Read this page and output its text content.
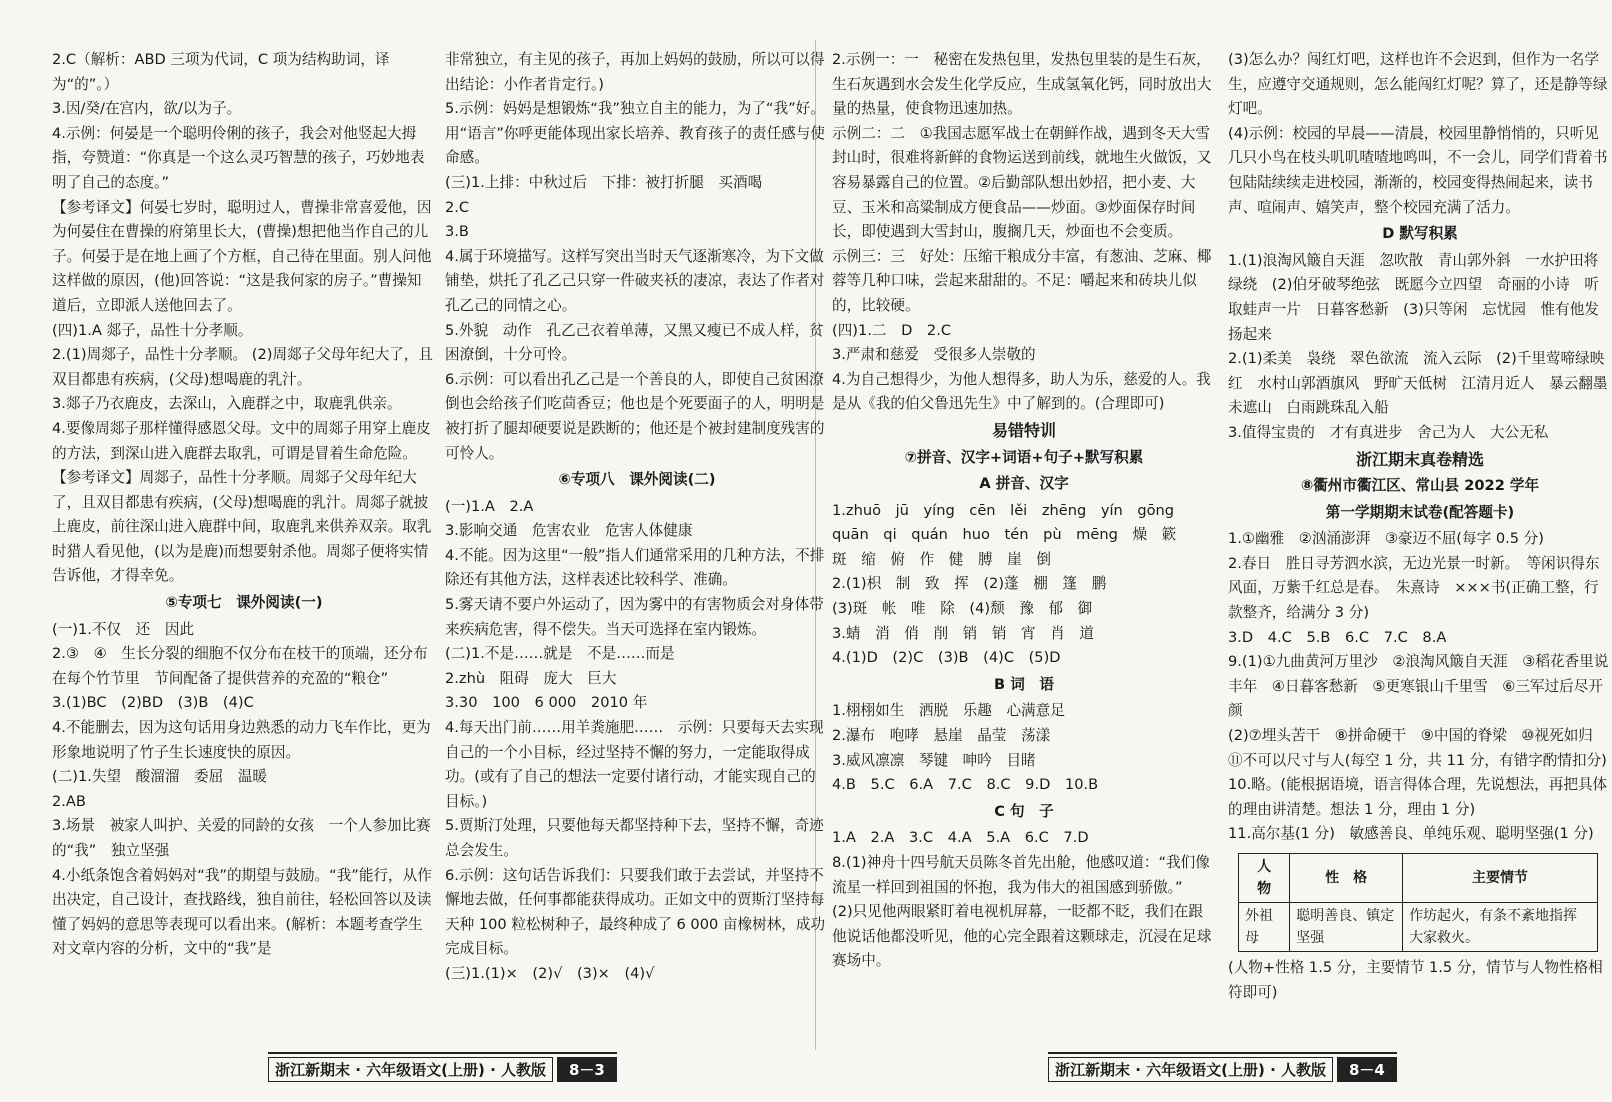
2.C（解析：ABD 三项为代词，C 项为结构助词，译为“的”。）

3.因/癸/在宫内，欲/以为子。

4.示例：何晏是一个聪明伶俐的孩子，我会对他竖起大拇指，夸赞道：“你真是一个这么灵巧智慧的孩子，巧妙地表明了自己的态度。”

【参考译文】何晏七岁时，聪明过人，曹操非常喜爱他，因为何晏住在曹操的府第里长大，(曹操)想把他当作自己的儿子。何晏于是在地上画了个方框，自己待在里面。别人问他这样做的原因，(他)回答说：“这是我何家的房子。”曹操知道后，立即派人送他回去了。

(四)1.A 郯子，品性十分孝顺。

2.(1)周郯子，品性十分孝顺。 (2)周郯子父母年纪大了，且双目都患有疾病，(父母)想喝鹿的乳汁。

3.郯子乃衣鹿皮，去深山，入鹿群之中，取鹿乳供亲。

4.要像周郯子那样懂得感恩父母。文中的周郯子用穿上鹿皮的方法，到深山进入鹿群去取乳，可谓是冒着生命危险。

【参考译文】周郯子，品性十分孝顺。周郯子父母年纪大了，且双目都患有疾病，(父母)想喝鹿的乳汁。周郯子就披上鹿皮，前往深山进入鹿群中间，取鹿乳来供养双亲。取乳时猎人看见他，(以为是鹿)而想要射杀他。周郯子便将实情告诉他，才得幸免。

⑤专项七　课外阅读(一)

(一)1.不仅　还　因此

2.③　④　生长分裂的细胞不仅分布在枝干的顶端，还分布在每个竹节里　节间配备了提供营养的充盈的“粮仓”

3.(1)BC　(2)BD　(3)B　(4)C

4.不能删去，因为这句话用身边熟悉的动力飞车作比，更为形象地说明了竹子生长速度快的原因。

(二)1.失望　酸溜溜　委屈　温暖

2.AB

3.场景　被家人叫护、关爱的同龄的女孩　一个人参加比赛的“我”　独立坚强

4.小纸条饱含着妈妈对“我”的期望与鼓励。“我”能行，从作出决定，自己设计，查找路线，独自前往，轻松回答以及读懂了妈妈的意思等表现可以看出来。(解析：本题考查学生对文章内容的分析，文中的“我”是

非常独立，有主见的孩子，再加上妈妈的鼓励，所以可以得出结论：小作者肯定行。)

5.示例：妈妈是想锻炼“我”独立自主的能力，为了“我”好。　用“语言”你呼更能体现出家长培养、教育孩子的责任感与使命感。

(三)1.上排：中秋过后　下排：被打折腿　买酒喝

2.C

3.B

4.属于环境描写。这样写突出当时天气逐渐寒冷，为下文做铺垫，烘托了孔乙己只穿一件破夹袄的凄凉，表达了作者对孔乙己的同情之心。

5.外貌　动作　孔乙己衣着单薄，又黑又瘦已不成人样，贫困潦倒，十分可怜。

6.示例：可以看出孔乙己是一个善良的人，即使自己贫困潦倒也会给孩子们吃茴香豆；他也是个死要面子的人，明明是被打折了腿却硬要说是跌断的；他还是个被封建制度残害的可怜人。

⑥专项八　课外阅读(二)

(一)1.A　2.A

3.影响交通　危害农业　危害人体健康

4.不能。因为这里“一般”指人们通常采用的几种方法，不排除还有其他方法，这样表述比较科学、准确。

5.雾天请不要户外运动了，因为雾中的有害物质会对身体带来疾病危害，得不偿失。当天可选择在室内锻炼。

(二)1.不是……就是　不是……而是

2.zhù　阻碍　庞大　巨大

3.30　100　6 000　2010 年

4.每天出门前……用羊粪施肥……　示例：只要每天去实现自己的一个小目标，经过坚持不懈的努力，一定能取得成功。(或有了自己的想法一定要付诸行动，才能实现自己的目标。)

5.贾斯汀处理，只要他每天都坚持种下去，坚持不懈，奇迹总会发生。

6.示例：这句话告诉我们：只要我们敢于去尝试，并坚持不懈地去做，任何事都能获得成功。正如文中的贾斯汀坚持每天种 100 粒松树种子，最终种成了 6 000 亩橡树林，成功完成目标。

(三)1.(1)×　(2)√　(3)×　(4)√

2.示例一：一　秘密在发热包里，发热包里装的是生石灰，生石灰遇到水会发生化学反应，生成氢氧化钙，同时放出大量的热量，使食物迅速加热。

示例二：二　①我国志愿军战士在朝鲜作战，遇到冬天大雪封山时，很难将新鲜的食物运送到前线，就地生火做饭，又容易暴露自己的位置。②后勤部队想出妙招，把小麦、大豆、玉米和高粱制成方便食品——炒面。③炒面保存时间长，即使遇到大雪封山，腹搁几天，炒面也不会变质。

示例三：三　好处：压缩干粮成分丰富，有葱油、芝麻、椰蓉等几种口味，尝起来甜甜的。不足：嚼起来和砖块儿似的，比较硬。

(四)1.二　D　2.C

3.严肃和慈爱　受很多人崇敬的

4.为自己想得少，为他人想得多，助人为乐，慈爱的人。我是从《我的伯父鲁迅先生》中了解到的。(合理即可)

易错特训

⑦拼音、汉字+词语+句子+默写积累

A 拼音、汉字

1.zhuō　jū　yíng　cēn　lěi　zhēng　yín　gōng

quān　qi　quán　huo　tén　pù　mēng　燥　簌

斑　缩　俯　作　健　膊　崖　倒

2.(1)枳　制　致　挥　(2)蓬　棚　篷　鹏

(3)斑　帐　唯　除　(4)颓　豫　郁　御

3.蜻　消　俏　削　销　销　宵　肖　道

4.(1)D　(2)C　(3)B　(4)C　(5)D

B 词　语

1.栩栩如生　洒脱　乐趣　心满意足

2.瀑布　咆哮　悬崖　晶莹　荡漾

3.威风凛凛　琴键　呻吟　目睹

4.B　5.C　6.A　7.C　8.C　9.D　10.B

C 句　子

1.A　2.A　3.C　4.A　5.A　6.C　7.D

8.(1)神舟十四号航天员陈冬首先出舱，他感叹道：“我们像流星一样回到祖国的怀抱，我为伟大的祖国感到骄傲。”

(2)只见他两眼紧盯着电视机屏幕，一眨都不眨，我们在跟他说话他都没听见，他的心完全跟着这颗球走，沉浸在足球赛场中。

(3)怎么办？闯红灯吧，这样也许不会迟到，但作为一名学生，应遵守交通规则，怎么能闯红灯呢？算了，还是静等绿灯吧。

(4)示例：校园的早晨——清晨，校园里静悄悄的，只听见几只小鸟在枝头叽叽喳喳地鸣叫，不一会儿，同学们背着书包陆陆续续走进校园，渐渐的，校园变得热闹起来，读书声、喧闹声、嬉笑声，整个校园充满了活力。

D 默写积累

1.(1)浪淘风簸自天涯　忽吹散　青山郭外斜　一水护田将绿绕　(2)伯牙破琴绝弦　既愿今立四望　奇丽的小诗　听取蛙声一片　日暮客愁新　(3)只等闲　忘忧园　惟有他发扬起来

2.(1)柔美　袅绕　翠色欲流　流入云际　(2)千里莺啼绿映红　水村山郭酒旗风　野旷天低树　江清月近人　暴云翻墨未遮山　白雨跳珠乱入船

3.值得宝贵的　才有真进步　舍己为人　大公无私

浙江期末真卷精选

⑧衢州市衢江区、常山县 2022 学年

第一学期期末试卷(配答题卡)

1.①幽雅　②汹涌澎湃　③豪迈不屈(每字 0.5 分)

2.春日　胜日寻芳泗水滨，无边光景一时新。　等闲识得东风面，万紫千红总是春。　朱熹诗　×××书(正确工整，行款整齐，给满分 3 分)

3.D　4.C　5.B　6.C　7.C　8.A

9.(1)①九曲黄河万里沙　②浪淘风簸自天涯　③稻花香里说丰年　④日暮客愁新　⑤更寒银山千里雪　⑥三军过后尽开颜

(2)⑦埋头苦干　⑧拼命硬干　⑨中国的脊梁　⑩视死如归　⑪不可以尺寸与人(每空 1 分，共 11 分，有错字酌情扣分)

10.略。(能根据语境，语言得体合理，先说想法，再把具体的理由讲清楚。想法 1 分，理由 1 分)

11.高尔基(1 分)　敏感善良、单纯乐观、聪明坚强(1 分)

人　物	性　格	主要情节
外祖母	聪明善良、镇定坚强	作坊起火，有条不紊地指挥大家救火。

(人物+性格 1.5 分，主要情节 1.5 分，情节与人物性格相符即可)

浙江新期末 · 六年级语文(上册) · 人教版	8－3	浙江新期末 · 六年级语文(上册) · 人教版	8－4
